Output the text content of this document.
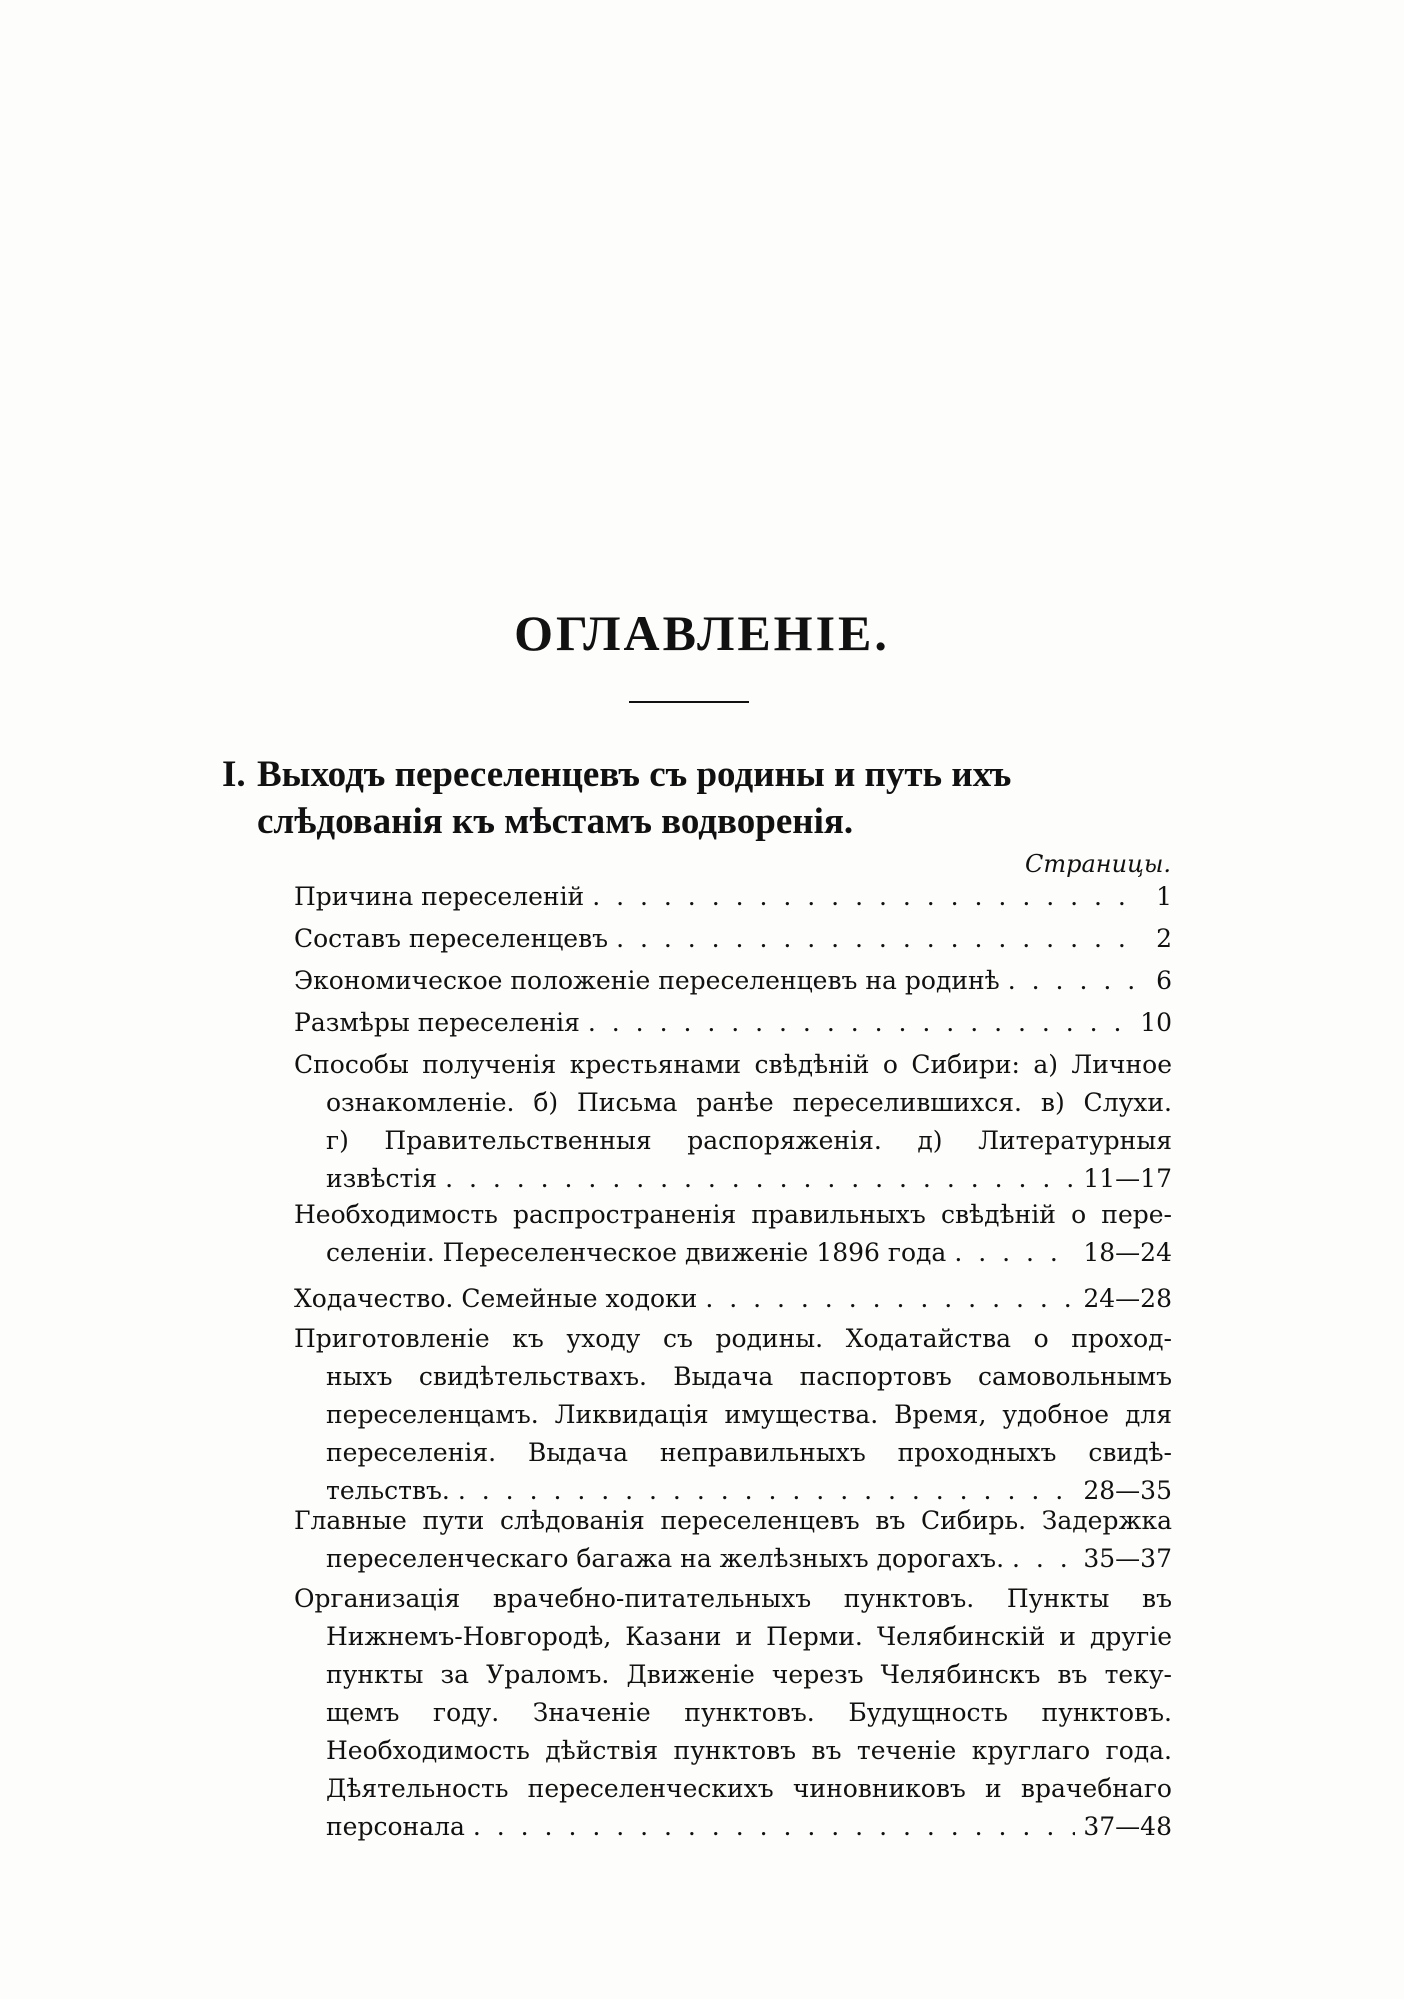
ОГЛАВЛЕНІЕ.
I. Выходъ переселенцевъ съ родины и путь ихъ слѣдованія къ мѣстамъ водворенія.
Страницы.
Причина переселеній . . .	1
Составъ переселенцевъ . . .	2
Экономическое положеніе переселенцевъ на родинѣ . . .	6
Размѣры переселенія . . .	10
Способы полученія крестьянами свѣдѣній о Сибири: а) Личное
ознакомленіе. б) Письма ранѣе переселившихся. в) Слухи.
г) Правительственныя распоряженія. д) Литературныя
извѣстія . . .	11—17
Необходимость распространенія правильныхъ свѣдѣній о пере-
селеніи. Переселенческое движеніе 1896 года . . .	18—24
Ходачество. Семейные ходоки . . .	24—28
Приготовленіе къ уходу съ родины. Ходатайства о проход-
ныхъ свидѣтельствахъ. Выдача паспортовъ самовольнымъ
переселенцамъ. Ликвидація имущества. Время, удобное для
переселенія. Выдача неправильныхъ проходныхъ свидѣ-
тельствъ. . . .	28—35
Главные пути слѣдованія переселенцевъ въ Сибирь. Задержка
переселенческаго багажа на желѣзныхъ дорогахъ. . . .	35—37
Организація врачебно-питательныхъ пунктовъ. Пункты въ
Нижнемъ-Новгородѣ, Казани и Перми. Челябинскій и другіе
пункты за Ураломъ. Движеніе черезъ Челябинскъ въ теку-
щемъ году. Значеніе пунктовъ. Будущность пунктовъ.
Необходимость дѣйствія пунктовъ въ теченіе круглаго года.
Дѣятельность переселенческихъ чиновниковъ и врачебнаго
персонала . . .	37—48
